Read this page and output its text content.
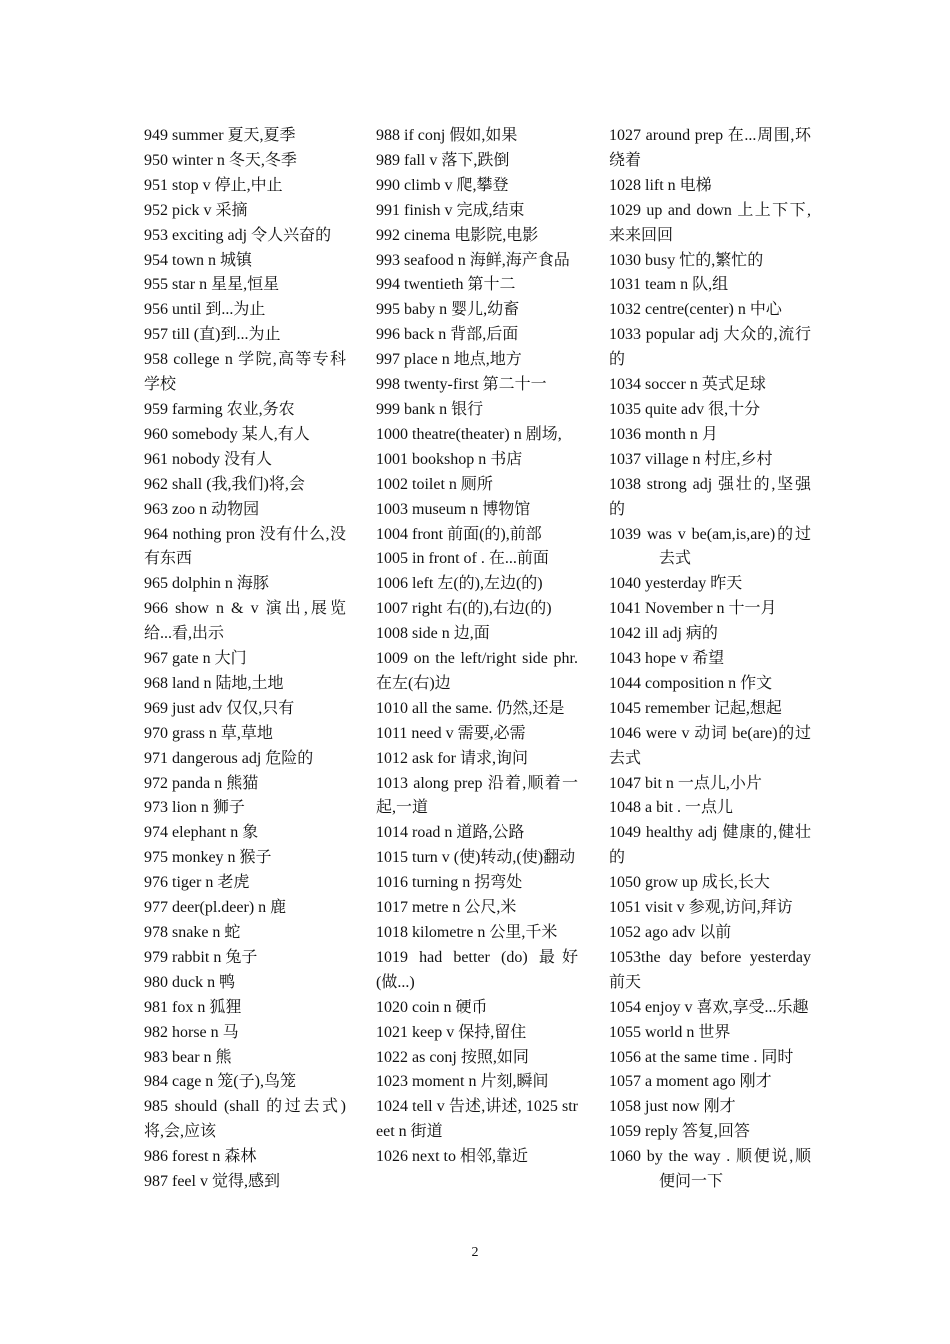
949 summer 夏天,夏季
950 winter n 冬天,冬季
951 stop v 停止,中止
952 pick v 采摘
953 exciting adj 令人兴奋的
954 town n 城镇
955 star n 星星,恒星
956 until 到...为止
957 till (直)到...为止
958 college n 学院,高等专科学校
959 farming 农业,务农
960 somebody 某人,有人
961 nobody 没有人
962 shall (我,我们)将,会
963 zoo n 动物园
964 nothing pron 没有什么,没有东西
965 dolphin n 海豚
966 show n & v 演出,展览给...看,出示
967 gate n 大门
968 land n 陆地,土地
969 just adv 仅仅,只有
970 grass n 草,草地
971 dangerous adj 危险的
972 panda n 熊猫
973 lion n 狮子
974 elephant n 象
975 monkey n 猴子
976 tiger n 老虎
977 deer(pl.deer) n 鹿
978 snake n 蛇
979 rabbit n 兔子
980 duck n 鸭
981 fox n 狐狸
982 horse n 马
983 bear n 熊
984 cage n 笼(子),鸟笼
985 should (shall 的过去式)将,会,应该
986 forest n 森林
987 feel v 觉得,感到
988 if conj 假如,如果
989 fall v 落下,跌倒
990 climb v 爬,攀登
991 finish v 完成,结束
992 cinema 电影院,电影
993 seafood n 海鲜,海产食品
994 twentieth 第十二
995 baby n 婴儿,幼畜
996 back n 背部,后面
997 place n 地点,地方
998 twenty-first 第二十一
999 bank n 银行
1000 theatre(theater) n 剧场,
1001 bookshop n 书店
1002 toilet n 厕所
1003 museum n 博物馆
1004 front 前面(的),前部
1005 in front of . 在...前面
1006 left 左(的),左边(的)
1007 right 右(的),右边(的)
1008 side n 边,面
1009 on the left/right side phr. 在左(右)边
1010 all the same. 仍然,还是
1011 need v 需要,必需
1012 ask for 请求,询问
1013 along prep 沿着,顺着一起,一道
1014 road n 道路,公路
1015 turn v (使)转动,(使)翻动
1016 turning n 拐弯处
1017 metre n 公尺,米
1018 kilometre n 公里,千米
1019 had better (do) 最好(做...)
1020 coin n 硬币
1021 keep v 保持,留住
1022 as conj 按照,如同
1023 moment n 片刻,瞬间
1024 tell v 告述,讲述, 1025 street n 街道
1026 next to 相邻,靠近
1027 around prep 在...周围,环绕着
1028 lift n 电梯
1029 up and down 上上下下,来来回回
1030 busy 忙的,繁忙的
1031 team n 队,组
1032 centre(center) n 中心
1033 popular adj 大众的,流行的
1034 soccer n 英式足球
1035 quite adv 很,十分
1036 month n 月
1037 village n 村庄,乡村
1038 strong adj 强壮的,坚强的
1039 was v be(am,is,are)的过去式
1040 yesterday 昨天
1041 November n 十一月
1042 ill adj 病的
1043 hope v 希望
1044 composition n 作文
1045 remember 记起,想起
1046 were v 动词 be(are)的过去式
1047 bit n 一点儿,小片
1048 a bit . 一点儿
1049 healthy adj 健康的,健壮的
1050 grow up 成长,长大
1051 visit v 参观,访问,拜访
1052 ago adv 以前
1053the day before yesterday 前天
1054 enjoy v 喜欢,享受...乐趣
1055 world n 世界
1056 at the same time . 同时
1057 a moment ago 刚才
1058 just now 刚才
1059 reply 答复,回答
1060 by the way . 顺便说,顺便问一下
2
